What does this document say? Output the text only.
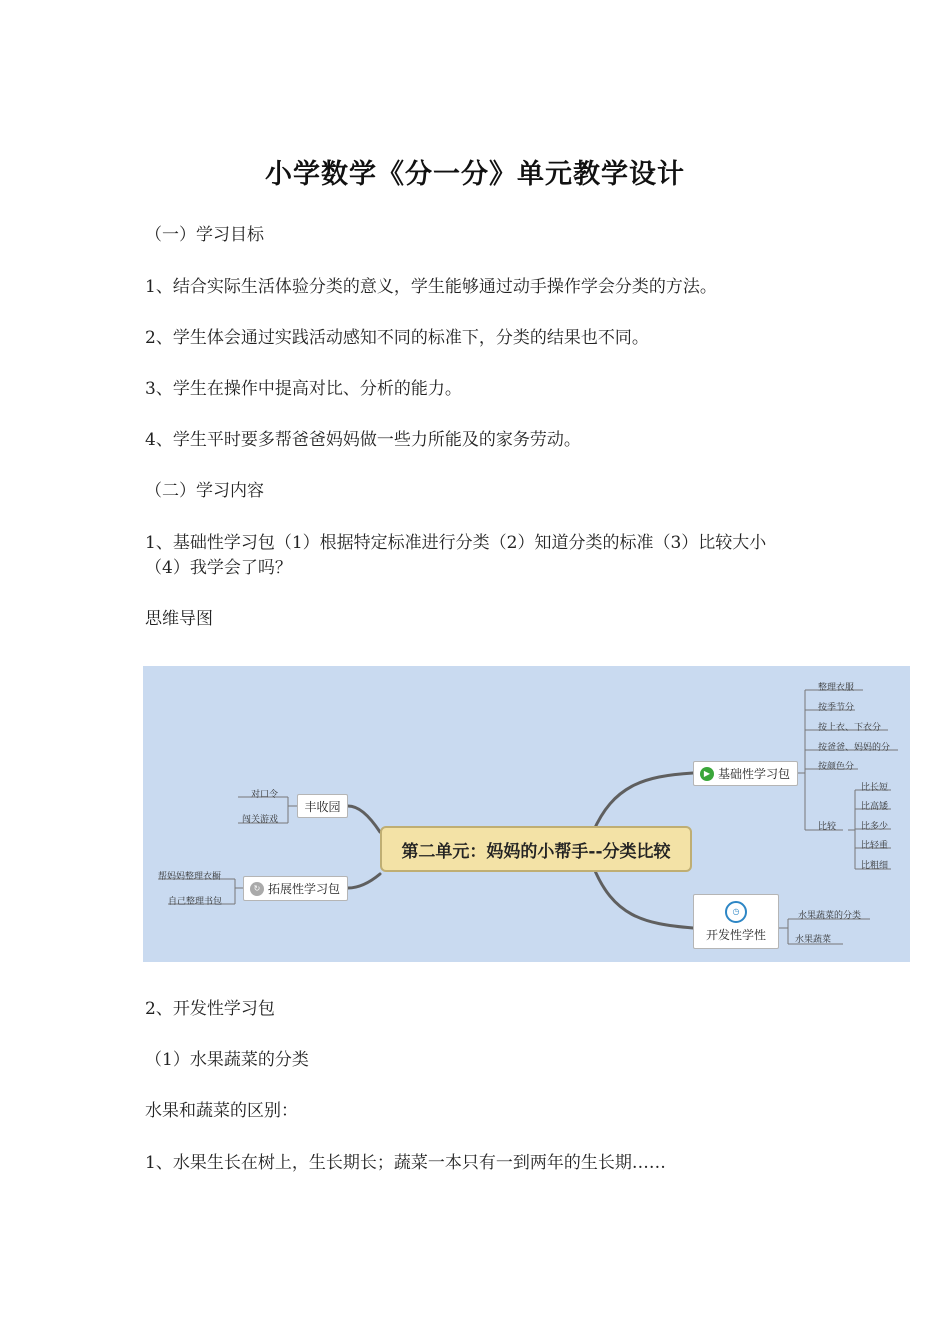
小学数学《分一分》单元教学设计
（一）学习目标
1、结合实际生活体验分类的意义，学生能够通过动手操作学会分类的方法。
2、学生体会通过实践活动感知不同的标准下，分类的结果也不同。
3、学生在操作中提高对比、分析的能力。
4、学生平时要多帮爸爸妈妈做一些力所能及的家务劳动。
（二）学习内容
1、基础性学习包（1）根据特定标准进行分类（2）知道分类的标准（3）比较大小
（4）我学会了吗？
思维导图
第二单元：妈妈的小帮手--分类比较
▶ 基础性学习包
◷
开发性学性
丰收园
↻ 拓展性学习包
整理衣服
按季节分
按上衣、下衣分
按爸爸、妈妈的分
按颜色分
比较
比长短
比高矮
比多少
比轻重
比粗细
水果蔬菜的分类
水果蔬菜
对口令
闯关游戏
帮妈妈整理衣橱
自己整理书包
2、开发性学习包
（1）水果蔬菜的分类
水果和蔬菜的区别：
1、水果生长在树上，生长期长；蔬菜一本只有一到两年的生长期……
